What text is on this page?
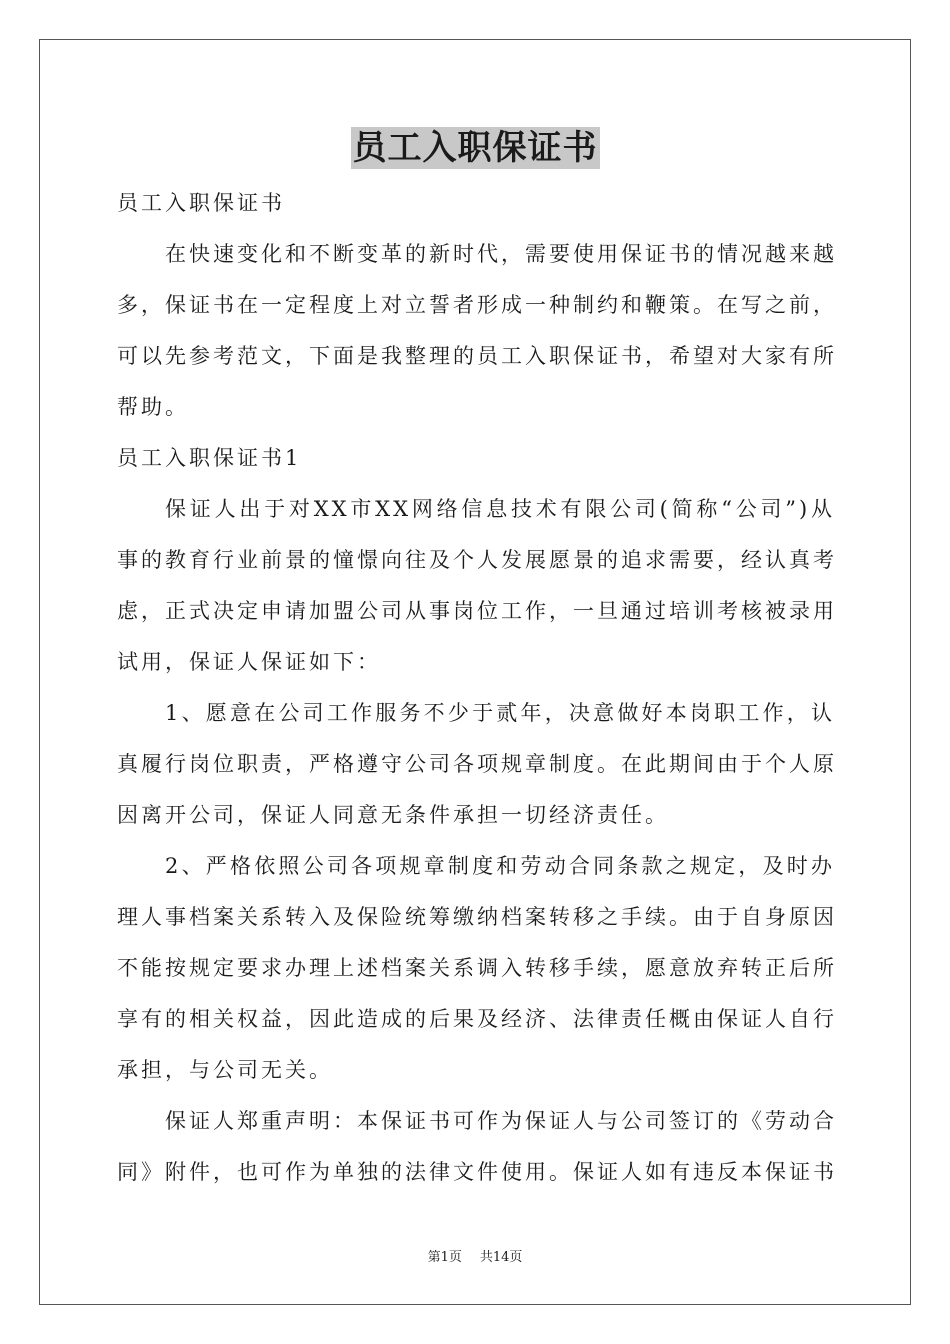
员工入职保证书
员工入职保证书
在快速变化和不断变革的新时代，需要使用保证书的情况越来越
多，保证书在一定程度上对立誓者形成一种制约和鞭策。在写之前，
可以先参考范文，下面是我整理的员工入职保证书，希望对大家有所
帮助。
员工入职保证书1
保证人出于对XX市XX网络信息技术有限公司(简称“公司”)从
事的教育行业前景的憧憬向往及个人发展愿景的追求需要，经认真考
虑，正式决定申请加盟公司从事岗位工作，一旦通过培训考核被录用
试用，保证人保证如下：
1、愿意在公司工作服务不少于贰年，决意做好本岗职工作，认
真履行岗位职责，严格遵守公司各项规章制度。在此期间由于个人原
因离开公司，保证人同意无条件承担一切经济责任。
2、严格依照公司各项规章制度和劳动合同条款之规定，及时办
理人事档案关系转入及保险统筹缴纳档案转移之手续。由于自身原因
不能按规定要求办理上述档案关系调入转移手续，愿意放弃转正后所
享有的相关权益，因此造成的后果及经济、法律责任概由保证人自行
承担，与公司无关。
保证人郑重声明：本保证书可作为保证人与公司签订的《劳动合
同》附件，也可作为单独的法律文件使用。保证人如有违反本保证书
第1页 共14页
